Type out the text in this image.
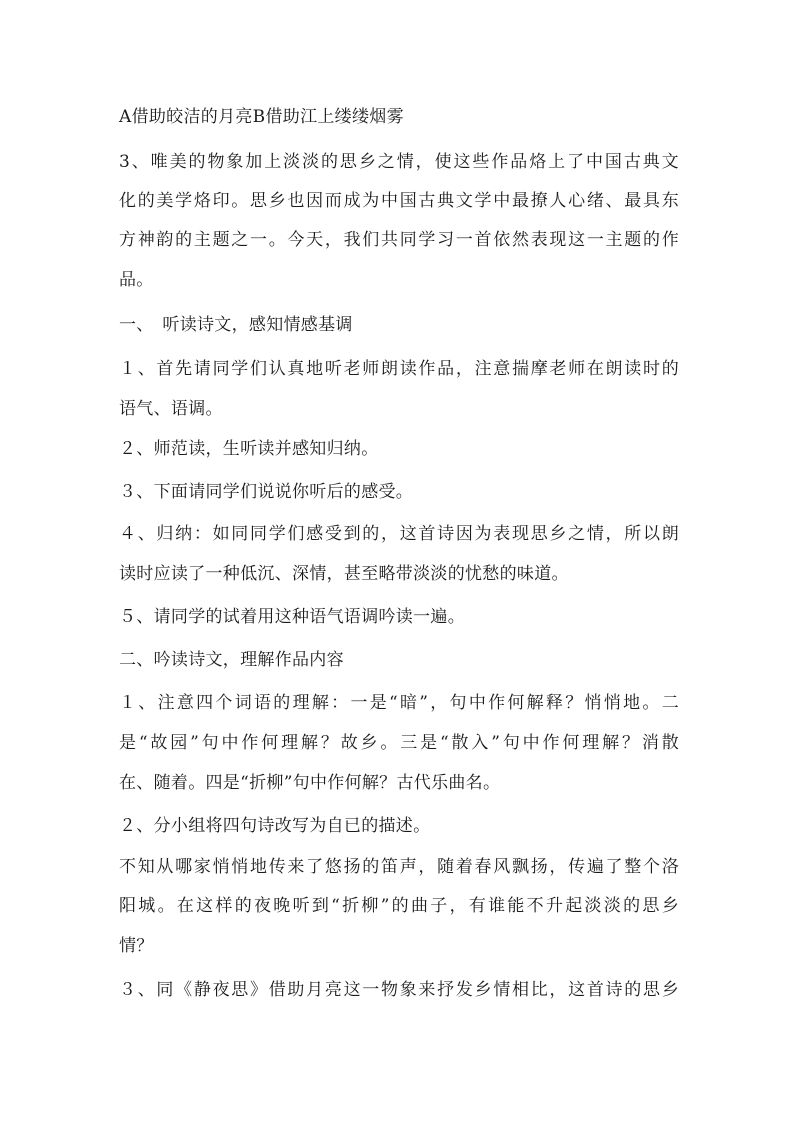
A借助皎洁的月亮B借助江上缕缕烟雾
3、唯美的物象加上淡淡的思乡之情，使这些作品烙上了中国古典文
化的美学烙印。思乡也因而成为中国古典文学中最撩人心绪、最具东
方神韵的主题之一。今天，我们共同学习一首依然表现这一主题的作
品。
一、　听读诗文，感知情感基调
１、首先请同学们认真地听老师朗读作品，注意揣摩老师在朗读时的
语气、语调。
２、师范读，生听读并感知归纳。
３、下面请同学们说说你听后的感受。
４、归纳：如同同学们感受到的，这首诗因为表现思乡之情，所以朗
读时应读了一种低沉、深情，甚至略带淡淡的忧愁的味道。
５、请同学的试着用这种语气语调吟读一遍。
二、吟读诗文，理解作品内容
１、注意四个词语的理解：一是“暗”，句中作何解释？悄悄地。二
是“故园”句中作何理解？故乡。三是“散入”句中作何理解？消散
在、随着。四是“折柳”句中作何解？古代乐曲名。
２、分小组将四句诗改写为自已的描述。
不知从哪家悄悄地传来了悠扬的笛声，随着春风飘扬，传遍了整个洛
阳城。在这样的夜晚听到“折柳”的曲子，有谁能不升起淡淡的思乡
情？
３、同《静夜思》借助月亮这一物象来抒发乡情相比，这首诗的思乡
